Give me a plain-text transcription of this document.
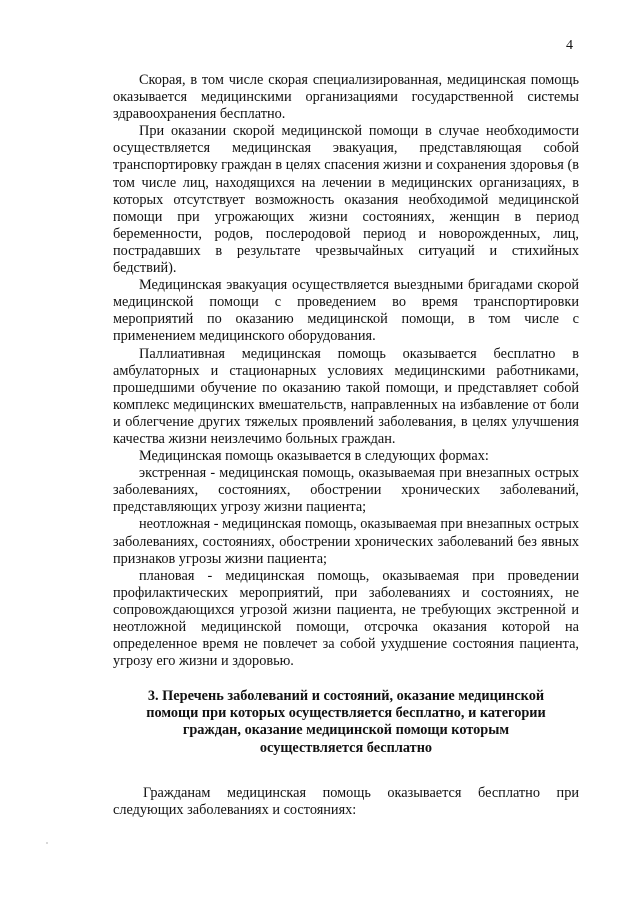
4

Скорая, в том числе скорая специализированная, медицинская помощь оказывается медицинскими организациями государственной системы здравоохранения бесплатно.

При оказании скорой медицинской помощи в случае необходимости осуществляется медицинская эвакуация, представляющая собой транспортировку граждан в целях спасения жизни и сохранения здоровья (в том числе лиц, находящихся на лечении в медицинских организациях, в которых отсутствует возможность оказания необходимой медицинской помощи при угрожающих жизни состояниях, женщин в период беременности, родов, послеродовой период и новорожденных, лиц, пострадавших в результате чрезвычайных ситуаций и стихийных бедствий).

Медицинская эвакуация осуществляется выездными бригадами скорой медицинской помощи с проведением во время транспортировки мероприятий по оказанию медицинской помощи, в том числе с применением медицинского оборудования.

Паллиативная медицинская помощь оказывается бесплатно в амбулаторных и стационарных условиях медицинскими работниками, прошедшими обучение по оказанию такой помощи, и представляет собой комплекс медицинских вмешательств, направленных на избавление от боли и облегчение других тяжелых проявлений заболевания, в целях улучшения качества жизни неизлечимо больных граждан.

Медицинская помощь оказывается в следующих формах:

экстренная - медицинская помощь, оказываемая при внезапных острых заболеваниях, состояниях, обострении хронических заболеваний, представляющих угрозу жизни пациента;

неотложная - медицинская помощь, оказываемая при внезапных острых заболеваниях, состояниях, обострении хронических заболеваний без явных признаков угрозы жизни пациента;

плановая - медицинская помощь, оказываемая при проведении профилактических мероприятий, при заболеваниях и состояниях, не сопровождающихся угрозой жизни пациента, не требующих экстренной и неотложной медицинской помощи, отсрочка оказания которой на определенное время не повлечет за собой ухудшение состояния пациента, угрозу его жизни и здоровью.

3. Перечень заболеваний и состояний, оказание медицинской
помощи при которых осуществляется бесплатно, и категории
граждан, оказание медицинской помощи которым
осуществляется бесплатно

Гражданам медицинская помощь оказывается бесплатно при следующих заболеваниях и состояниях:
